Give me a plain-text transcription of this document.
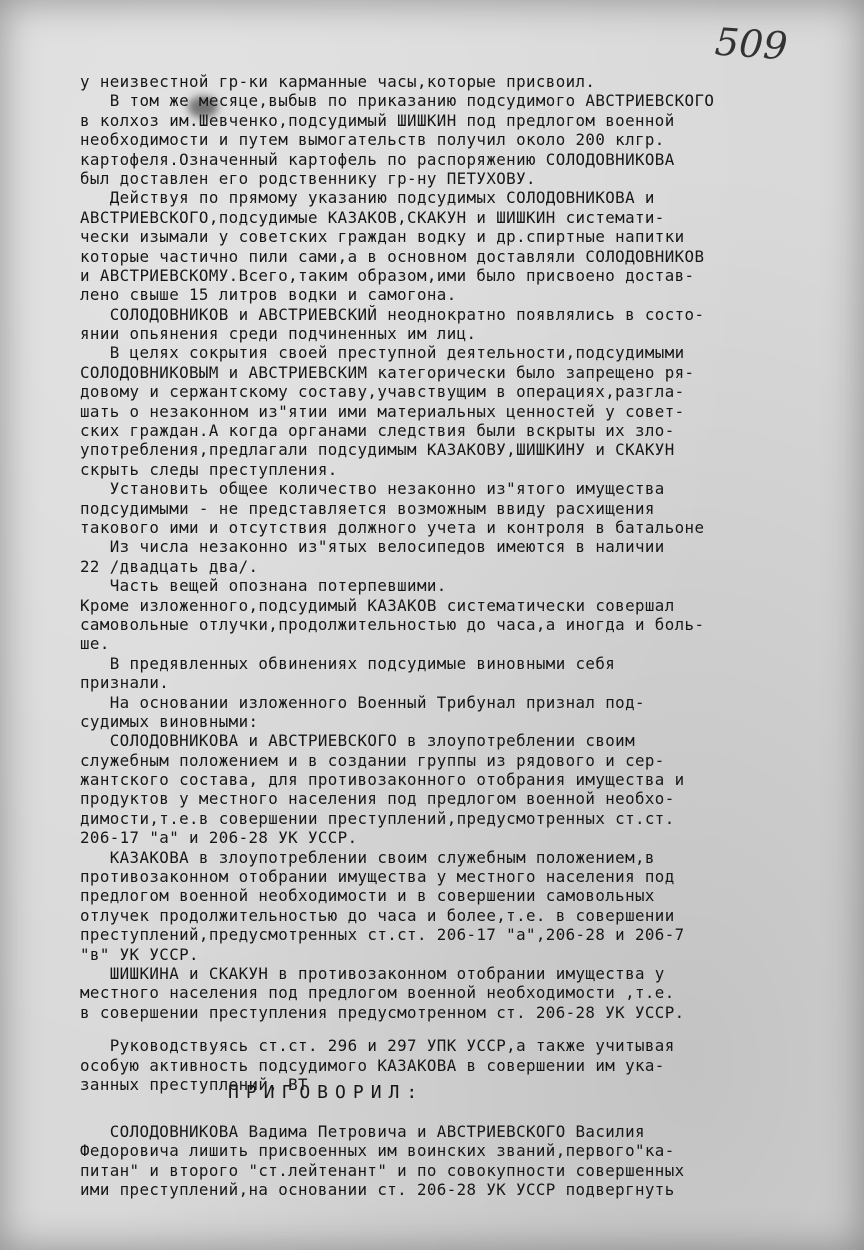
509
у неизвестной гр-ки карманные часы,которые присвоил.
В том же месяце,выбыв по приказанию подсудимого АВСТРИЕВСКОГО
в колхоз им.Шевченко,подсудимый ШИШКИН под предлогом военной
необходимости и путем вымогательств получил около 200 клгр.
картофеля.Означенный картофель по распоряжению СОЛОДОВНИКОВА
был доставлен его родственнику гр-ну ПЕТУХОВУ.
Действуя по прямому указанию подсудимых СОЛОДОВНИКОВА и
АВСТРИЕВСКОГО,подсудимые КАЗАКОВ,СКАКУН и ШИШКИН системати-
чески изымали у советских граждан водку и др.спиртные напитки
которые частично пили сами,а в основном доставляли СОЛОДОВНИКОВ
и АВСТРИЕВСКОМУ.Всего,таким образом,ими было присвоено достав-
лено свыше 15 литров водки и самогона.
СОЛОДОВНИКОВ и АВСТРИЕВСКИЙ неоднократно появлялись в состо-
янии опьянения среди подчиненных им лиц.
В целях сокрытия своей преступной деятельности,подсудимыми
СОЛОДОВНИКОВЫМ и АВСТРИЕВСКИМ категорически было запрещено ря-
довому и сержантскому составу,учавствущим в операциях,разгла-
шать о незаконном из"ятии ими материальных ценностей у совет-
ских граждан.А когда органами следствия были вскрыты их зло-
употребления,предлагали подсудимым КАЗАКОВУ,ШИШКИНУ и СКАКУН
скрыть следы преступления.
Установить общее количество незаконно из"ятого имущества
подсудимыми - не представляется возможным ввиду расхищения
такового ими и отсутствия должного учета и контроля в батальоне
Из числа незаконно из"ятых велосипедов имеются в наличии
22 /двадцать два/.
Часть вещей опознана потерпевшими.
Кроме изложенного,подсудимый КАЗАКОВ систематически совершал
самовольные отлучки,продолжительностью до часа,а иногда и боль-
ше.
В предявленных обвинениях подсудимые виновными себя
признали.
На основании изложенного Военный Трибунал признал под-
судимых виновными:
СОЛОДОВНИКОВА и АВСТРИЕВСКОГО в злоупотреблении своим
служебным положением и в создании группы из рядового и сер-
жантского состава, для противозаконного отобрания имущества и
продуктов у местного населения под предлогом военной необхо-
димости,т.е.в совершении преступлений,предусмотренных ст.ст.
206-17 "а" и 206-28 УК УССР.
КАЗАКОВА в злоупотреблении своим служебным положением,в
противозаконном отобрании имущества у местного населения под
предлогом военной необходимости и в совершении самовольных
отлучек продолжительностью до часа и более,т.е. в совершении
преступлений,предусмотренных ст.ст. 206-17 "а",206-28 и 206-7
"в" УК УССР.
ШИШКИНА и СКАКУН в противозаконном отобрании имущества у
местного населения под предлогом военной необходимости ,т.е.
в совершении преступления предусмотренном ст. 206-28 УК УССР.
Руководствуясь ст.ст. 296 и 297 УПК УССР,а также учитывая
особую активность подсудимого КАЗАКОВА в совершении им ука-
занных преступлений, ВТ
ПРИГОВОРИЛ:
СОЛОДОВНИКОВА Вадима Петровича и АВСТРИЕВСКОГО Василия
Федоровича лишить присвоенных им воинских званий,первого"ка-
питан" и второго "ст.лейтенант" и по совокупности совершенных
ими преступлений,на основании ст. 206-28 УК УССР подвергнуть
